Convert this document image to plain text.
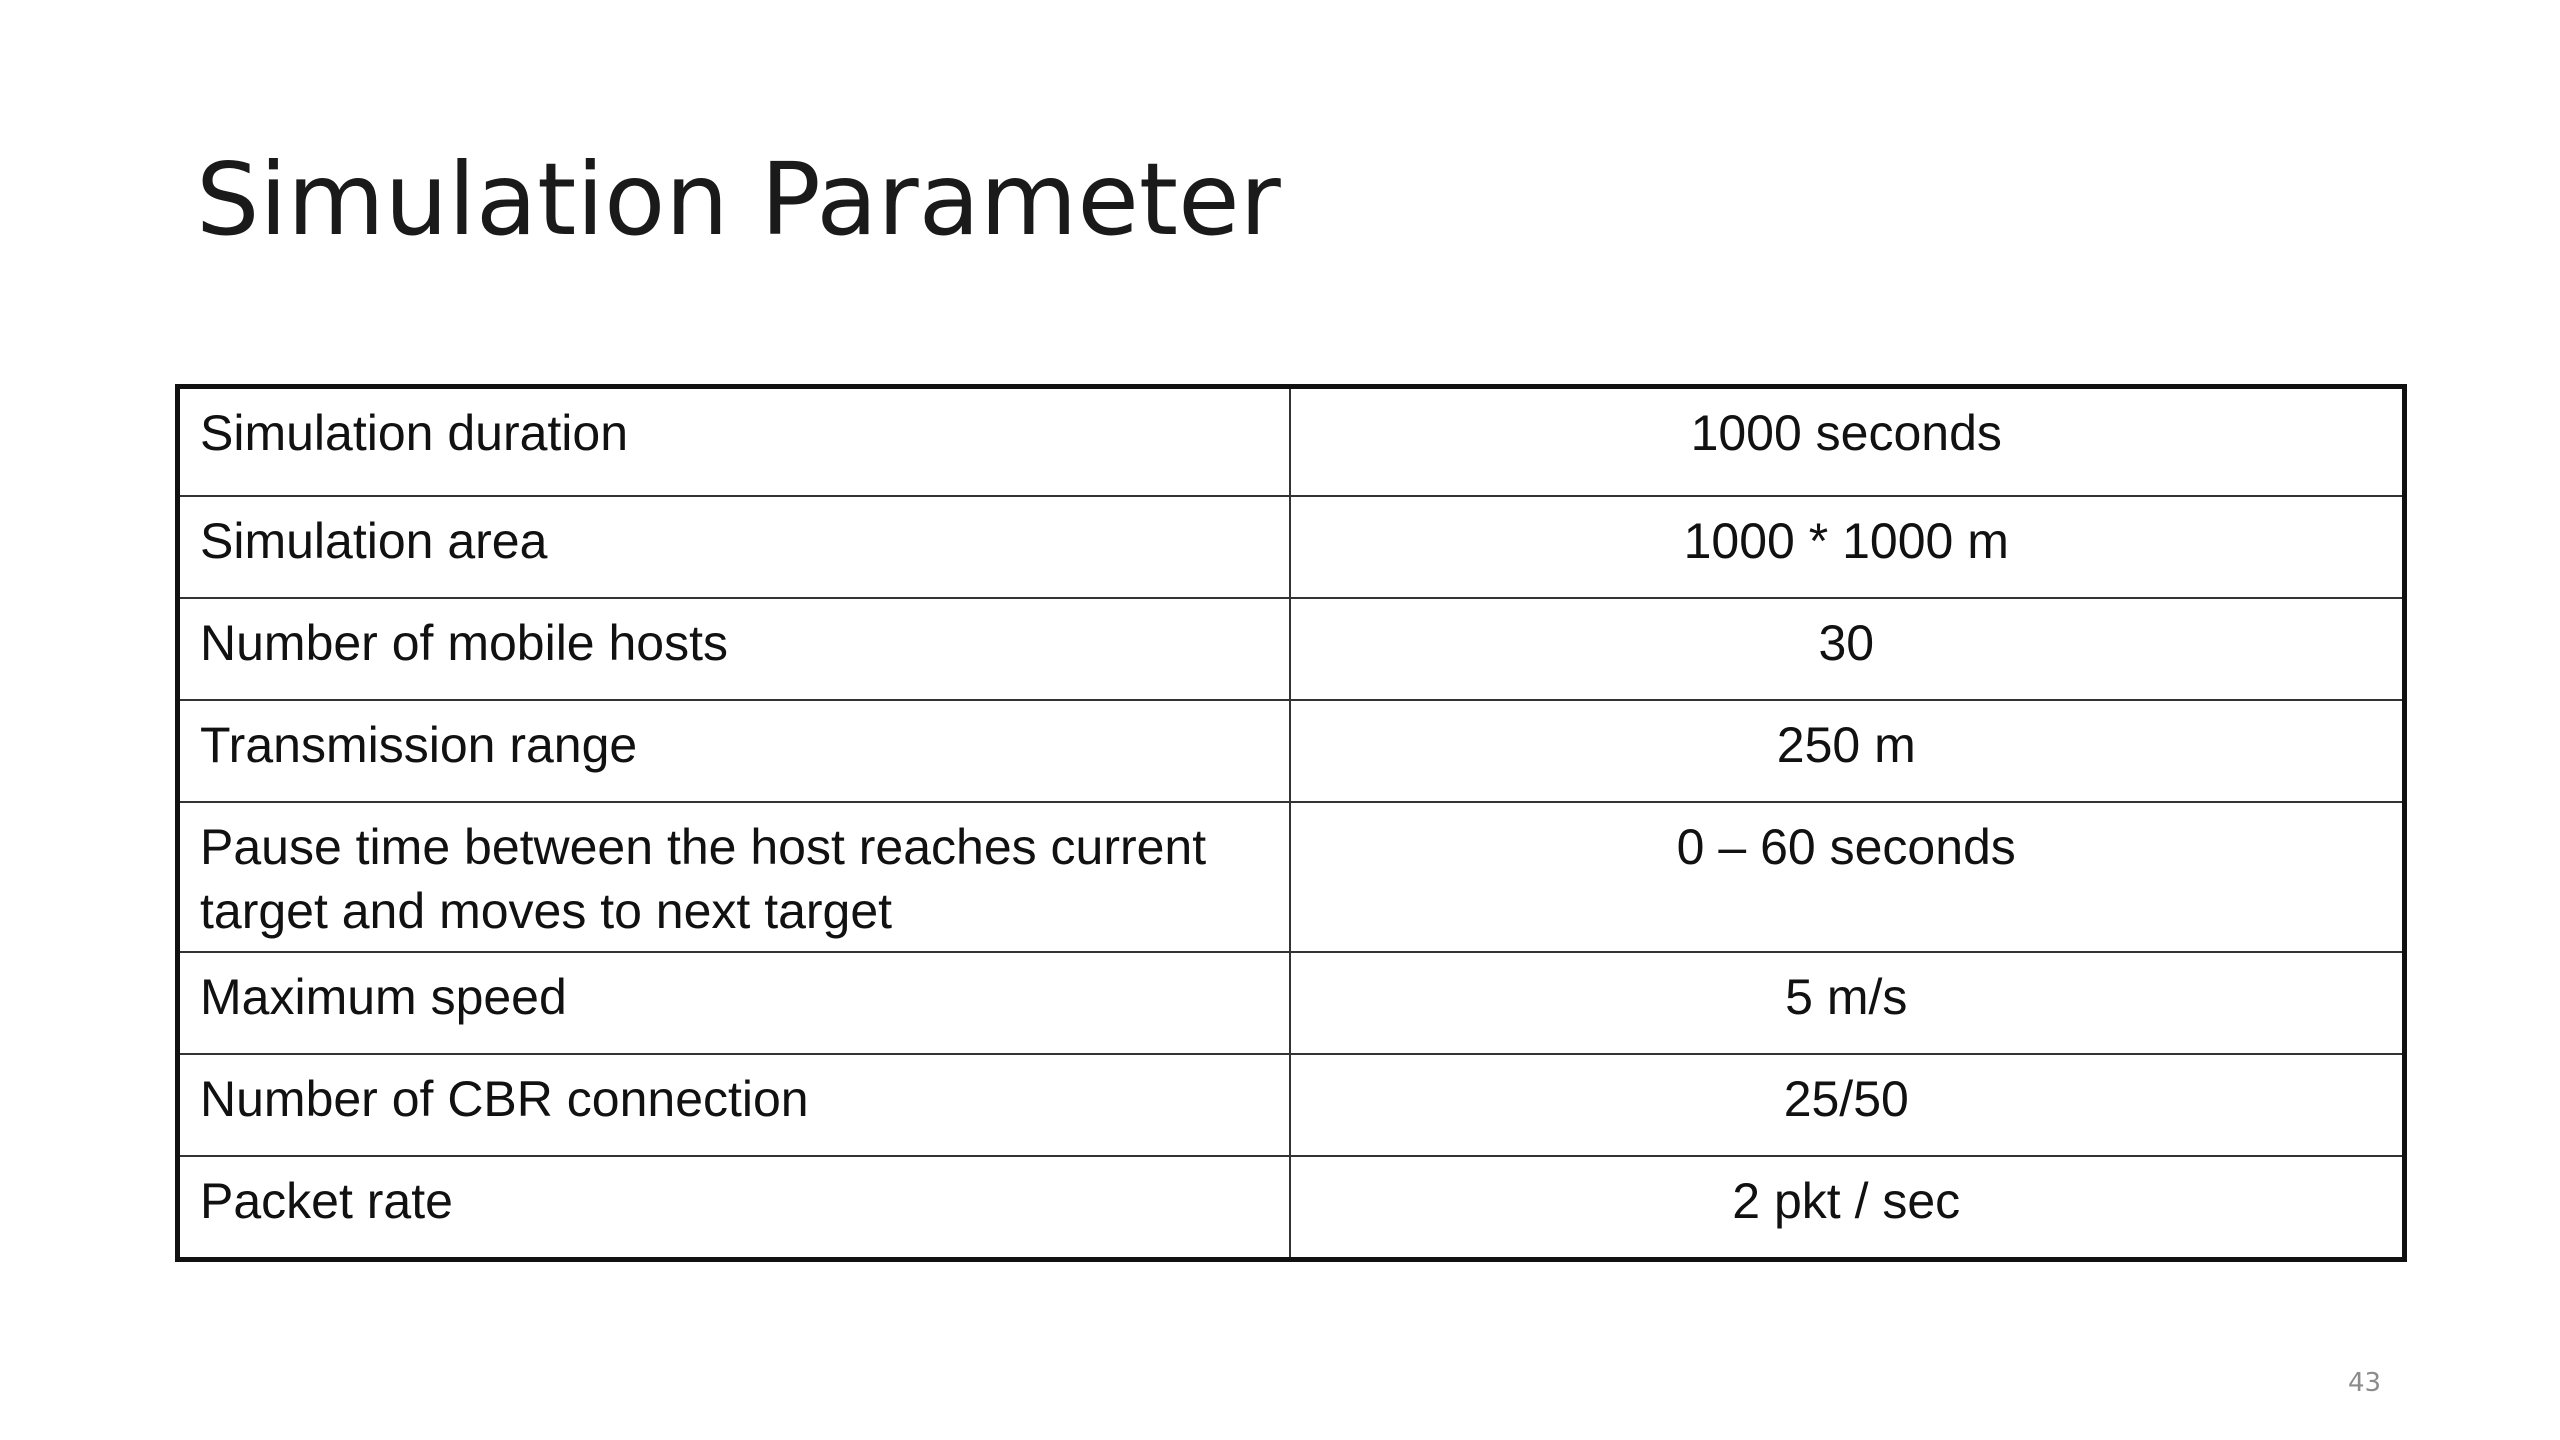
Simulation Parameter
Simulation duration	1000 seconds
Simulation area	1000 * 1000 m
Number of mobile hosts	30
Transmission range	250 m
Pause time between the host reaches current target and moves to next target	0 – 60 seconds
Maximum speed	5 m/s
Number of CBR connection	25/50
Packet rate	2 pkt / sec
43
